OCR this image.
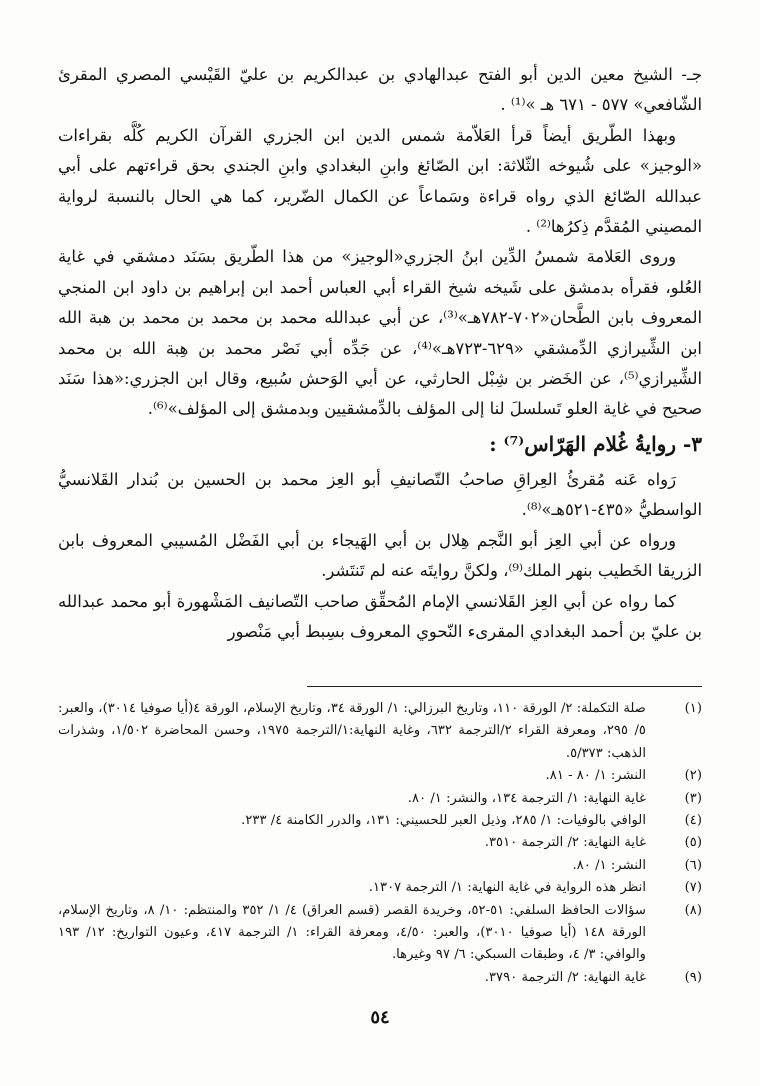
جـ- الشيخ معين الدين أبو الفتح عبدالهادي بن عبدالكريم بن عليّ القَيْسي المصري المقرئ الشّافعي» ٥٧٧ - ٦٧١ هـ »⁽¹⁾ .

وبهذا الطّريق أيضاً قرأ العَلاّمة شمس الدين ابن الجزري القرآن الكريم كُلَّه بقراءات «الوجيز» على شُيوخه الثّلاثة: ابن الصّائغ وابنِ البغدادي وابنِ الجندي بحق قراءتهم على أبي عبدالله الصّائغ الذي رواه قراءة وسَماعاً عن الكمال الضّرير، كما هي الحال بالنسبة لرواية المصيني المُقدَّم ذِكرُها⁽²⁾ .

وروى العَلامة شمسُ الدِّين ابنُ الجزري«الوجيز» من هذا الطّريق بسَنَد دمشقي في غاية العُلو، فقرأه بدمشق على شَيخه شيخ القراء أبي العباس أحمد ابن إبراهيم بن داود ابن المنجي المعروف بابن الطَّحان«٧٠٢-٧٨٢هـ»⁽³⁾، عن أبي عبدالله محمد بن محمد بن محمد بن هبة الله ابن الشِّيرازي الدِّمشقي «٦٢٩-٧٢٣هـ»⁽⁴⁾، عن جَدِّه أبي نَصْر محمد بن هِبة الله بن محمد الشِّيرازي⁽⁵⁾، عن الخَضر بن شِبْل الحارثي، عن أبي الوَحش سُبيع، وقال ابن الجزري:«هذا سَنَد صحيح في غاية العلو تَسلسلَ لنا إلى المؤلف بالدِّمشقيين وبدمشق إلى المؤلف»⁽⁶⁾.

٣- روايةُ غُلام الهَرّاس⁽⁷⁾ :

رَواه عَنه مُقرئُ العِراقِ صاحبُ التّصانيفِ أبو العِز محمد بن الحسين بن بُندار القَلانسيُّ الواسطيُّ «٤٣٥-٥٢١هـ»⁽⁸⁾.

ورواه عن أبي العِز أبو النَّجم هِلال بن أبي الهَيجاء بن أبي الفَضْل المُسيبي المعروف بابن الزريقا الخَطيب بنهر الملك⁽⁹⁾، ولكنَّ روايتَه عنه لم تَنتَشر.

كما رواه عن أبي العِز القَلانسي الإمام المُحقِّق صاحب التّصانيف المَشْهورة أبو محمد عبدالله بن عليّ بن أحمد البغدادي المقرىء النّحوي المعروف بسِبط أبي مَنْصور

(١)
صلة التكملة: ٢/ الورقة ١١٠، وتاريخ البرزالي: ١/ الورقة ٣٤، وتاريخ الإسلام، الورقة ٤(أيا صوفيا ٣٠١٤)، والعبر: ٥/ ٢٩٥، ومعرفة القراء ٢/الترجمة ٦٣٢، وغاية النهاية:١/الترجمة ١٩٧٥، وحسن المحاضرة ١/٥٠٢، وشذرات الذهب: ٥/٣٧٣.
(٢)
النشر: ١/ ٨٠ - ٨١.
(٣)
غاية النهاية: ١/ الترجمة ١٣٤، والنشر: ١/ ٨٠.
(٤)
الوافي بالوفيات: ١/ ٢٨٥، وذيل العبر للحسيني: ١٣١، والدرر الكامنة ٤/ ٢٣٣.
(٥)
غاية النهاية: ٢/ الترجمة ٣٥١٠.
(٦)
النشر: ١/ ٨٠.
(٧)
انظر هذه الرواية في غاية النهاية: ١/ الترجمة ١٣٠٧.
(٨)
سؤالات الحافظ السلفي: ٥١-٥٢، وخريدة القصر (قسم العراق) ٤/ ١/ ٣٥٢ والمنتظم: ١٠/ ٨، وتاريخ الإسلام، الورقة ١٤٨ (أيا صوفيا ٣٠١٠)، والعبر: ٤/٥٠، ومعرفة القراء: ١/ الترجمة ٤١٧، وعيون التواريخ: ١٢/ ١٩٣ والوافي: ٣/ ٤، وطبقات السبكي: ٦/ ٩٧ وغيرها.
(٩)
غاية النهاية: ٢/ الترجمة ٣٧٩٠.
٥٤
